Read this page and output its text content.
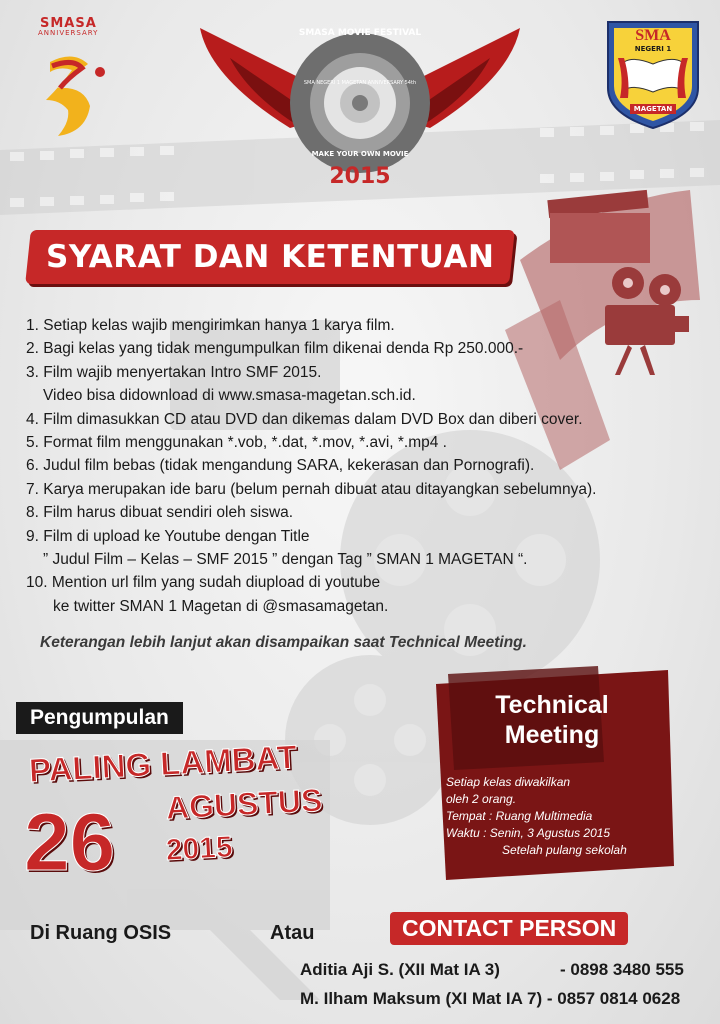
SMASA
ANNIVERSARY	SMASA MOVIE FESTIVAL
SMA NEGERI 1 MAGETAN ANNIVERSARY 54th
MAKE YOUR OWN MOVIE
2015
SMA
NEGERI 1
MAGETAN
SYARAT DAN KETENTUAN
1. Setiap kelas wajib mengirimkan hanya 1 karya film.
2. Bagi kelas yang tidak mengumpulkan film dikenai denda Rp 250.000.-
3. Film wajib menyertakan Intro SMF 2015.
Video bisa didownload di www.smasa-magetan.sch.id.
4. Film dimasukkan CD atau DVD dan dikemas dalam DVD Box dan diberi cover.
5. Format film menggunakan *.vob, *.dat, *.mov, *.avi, *.mp4 .
6. Judul film bebas (tidak mengandung SARA, kekerasan dan Pornografi).
7. Karya merupakan ide baru (belum pernah dibuat atau ditayangkan sebelumnya).
8. Film harus dibuat sendiri oleh siswa.
9. Film di upload ke Youtube dengan Title
” Judul Film – Kelas – SMF 2015 ” dengan Tag ” SMAN 1 MAGETAN “.
10. Mention url film yang sudah diupload di youtube
ke twitter SMAN 1 Magetan di @smasamagetan.
Keterangan lebih lanjut akan disampaikan saat Technical Meeting.
Pengumpulan
PALING LAMBAT
26 AGUSTUS
2015
Technical
Meeting
Setiap kelas diwakilkan
oleh 2 orang.
Tempat : Ruang Multimedia
Waktu : Senin, 3 Agustus 2015
Setelah pulang sekolah
Di Ruang OSIS	Atau	CONTACT PERSON
Aditia Aji S. (XII Mat IA 3)	- 0898 3480 555
M. Ilham Maksum (XI Mat IA 7) - 0857 0814 0628
